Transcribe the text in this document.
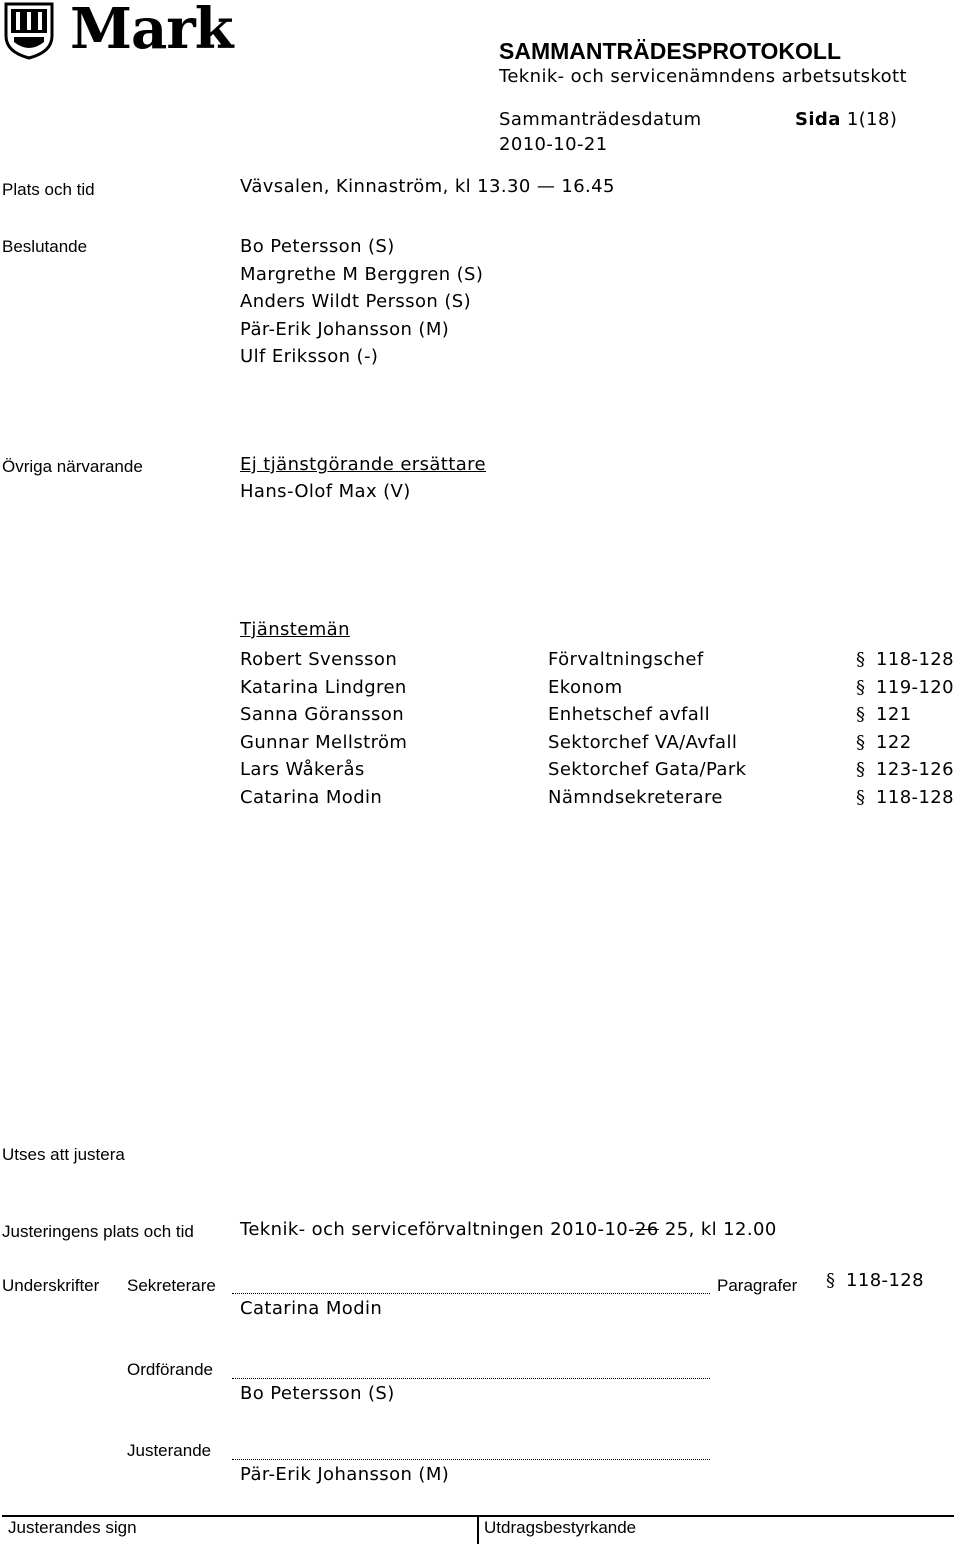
Mark	SAMMANTRÄDESPROTOKOLL
Teknik- och servicenämndens arbetsutskott
Sammanträdesdatum	Sida 1(18)
2010-10-21
Plats och tid	Vävsalen, Kinnaström, kl 13.30 — 16.45
Beslutande	Bo Petersson (S)
Margrethe M Berggren (S)
Anders Wildt Persson (S)
Pär-Erik Johansson (M)
Ulf Eriksson (-)
Övriga närvarande	Ej tjänstgörande ersättare
Hans-Olof Max (V)
Tjänstemän
Robert Svensson	Förvaltningschef	§ 118-128
Katarina Lindgren	Ekonom	§ 119-120
Sanna Göransson	Enhetschef avfall	§ 121
Gunnar Mellström	Sektorchef VA/Avfall	§ 122
Lars Wåkerås	Sektorchef Gata/Park	§ 123-126
Catarina Modin	Nämndsekreterare	§ 118-128
Utses att justera
Justeringens plats och tid	Teknik- och serviceförvaltningen 2010-10-26 25, kl 12.00
Underskrifter Sekreterare	Paragrafer	§ 118-128
Catarina Modin
Ordförande
Bo Petersson (S)
Justerande
Pär-Erik Johansson (M)
Justerandes sign	Utdragsbestyrkande
